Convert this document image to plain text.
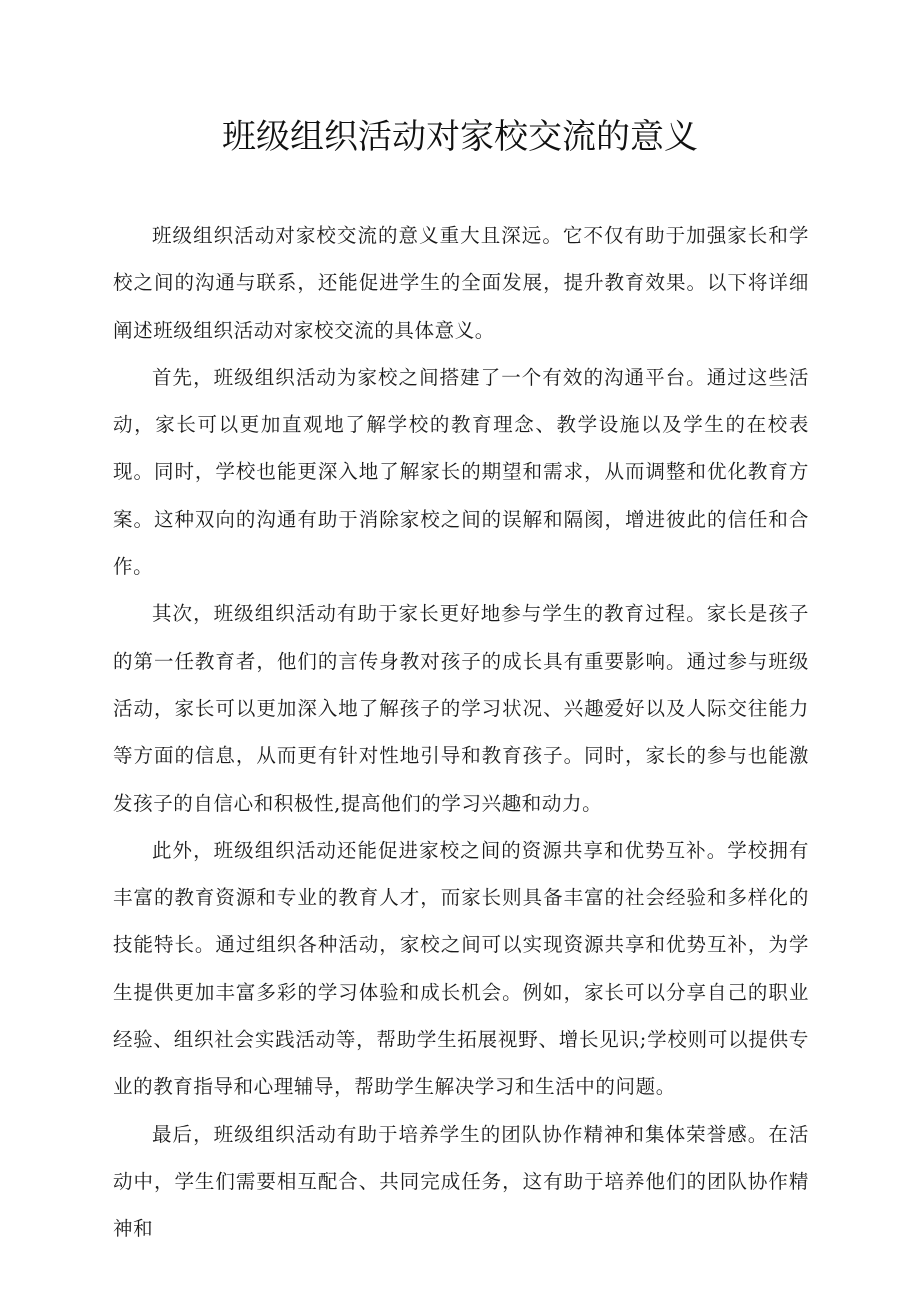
班级组织活动对家校交流的意义

班级组织活动对家校交流的意义重大且深远。它不仅有助于加强家长和学校之间的沟通与联系，还能促进学生的全面发展，提升教育效果。以下将详细阐述班级组织活动对家校交流的具体意义。

首先，班级组织活动为家校之间搭建了一个有效的沟通平台。通过这些活动，家长可以更加直观地了解学校的教育理念、教学设施以及学生的在校表现。同时，学校也能更深入地了解家长的期望和需求，从而调整和优化教育方案。这种双向的沟通有助于消除家校之间的误解和隔阂，增进彼此的信任和合作。

其次，班级组织活动有助于家长更好地参与学生的教育过程。家长是孩子的第一任教育者，他们的言传身教对孩子的成长具有重要影响。通过参与班级活动，家长可以更加深入地了解孩子的学习状况、兴趣爱好以及人际交往能力等方面的信息，从而更有针对性地引导和教育孩子。同时，家长的参与也能激发孩子的自信心和积极性,提高他们的学习兴趣和动力。

此外，班级组织活动还能促进家校之间的资源共享和优势互补。学校拥有丰富的教育资源和专业的教育人才，而家长则具备丰富的社会经验和多样化的技能特长。通过组织各种活动，家校之间可以实现资源共享和优势互补，为学生提供更加丰富多彩的学习体验和成长机会。例如，家长可以分享自己的职业经验、组织社会实践活动等，帮助学生拓展视野、增长见识;学校则可以提供专业的教育指导和心理辅导，帮助学生解决学习和生活中的问题。

最后，班级组织活动有助于培养学生的团队协作精神和集体荣誉感。在活动中，学生们需要相互配合、共同完成任务，这有助于培养他们的团队协作精神和
